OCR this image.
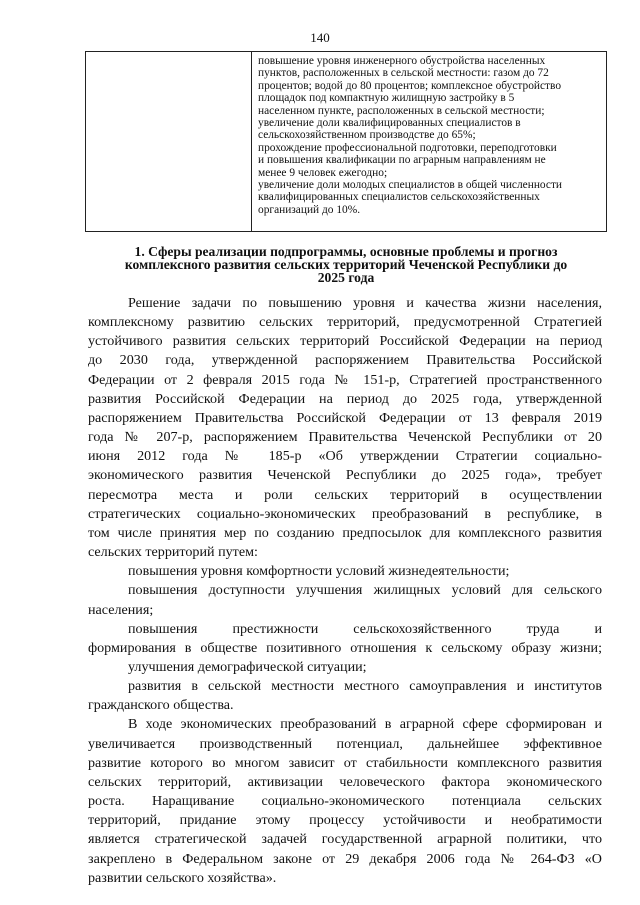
140
повышение уровня инженерного обустройства населенных
пунктов, расположенных в сельской местности: газом до 72
процентов; водой до 80 процентов; комплексное обустройство
площадок под компактную жилищную застройку в 5
населенном пункте, расположенных в сельской местности;
увеличение доли квалифицированных специалистов в
сельскохозяйственном производстве до 65%;
прохождение профессиональной подготовки, переподготовки
и повышения квалификации по аграрным направлениям не
менее 9 человек ежегодно;
увеличение доли молодых специалистов в общей численности
квалифицированных специалистов сельскохозяйственных
организаций до 10%.
1. Сферы реализации подпрограммы, основные проблемы и прогноз
комплексного развития сельских территорий Чеченской Республики до
2025 года
Решение задачи по повышению уровня и качества жизни населения,
комплексному развитию сельских территорий, предусмотренной Стратегией
устойчивого развития сельских территорий Российской Федерации на период
до 2030 года, утвержденной распоряжением Правительства Российской
Федерации от 2 февраля 2015 года № 151-р, Стратегией пространственного
развития Российской Федерации на период до 2025 года, утвержденной
распоряжением Правительства Российской Федерации от 13 февраля 2019
года № 207-р, распоряжением Правительства Чеченской Республики от 20
июня 2012 года № 185-р «Об утверждении Стратегии социально-
экономического развития Чеченской Республики до 2025 года», требует
пересмотра места и роли сельских территорий в осуществлении
стратегических социально-экономических преобразований в республике, в
том числе принятия мер по созданию предпосылок для комплексного развития
сельских территорий путем:
повышения уровня комфортности условий жизнедеятельности;
повышения доступности улучшения жилищных условий для сельского
населения;
повышения престижности сельскохозяйственного труда и
формирования в обществе позитивного отношения к сельскому образу жизни;
улучшения демографической ситуации;
развития в сельской местности местного самоуправления и институтов
гражданского общества.
В ходе экономических преобразований в аграрной сфере сформирован и
увеличивается производственный потенциал, дальнейшее эффективное
развитие которого во многом зависит от стабильности комплексного развития
сельских территорий, активизации человеческого фактора экономического
роста. Наращивание социально-экономического потенциала сельских
территорий, придание этому процессу устойчивости и необратимости
является стратегической задачей государственной аграрной политики, что
закреплено в Федеральном законе от 29 декабря 2006 года № 264-ФЗ «О
развитии сельского хозяйства».
